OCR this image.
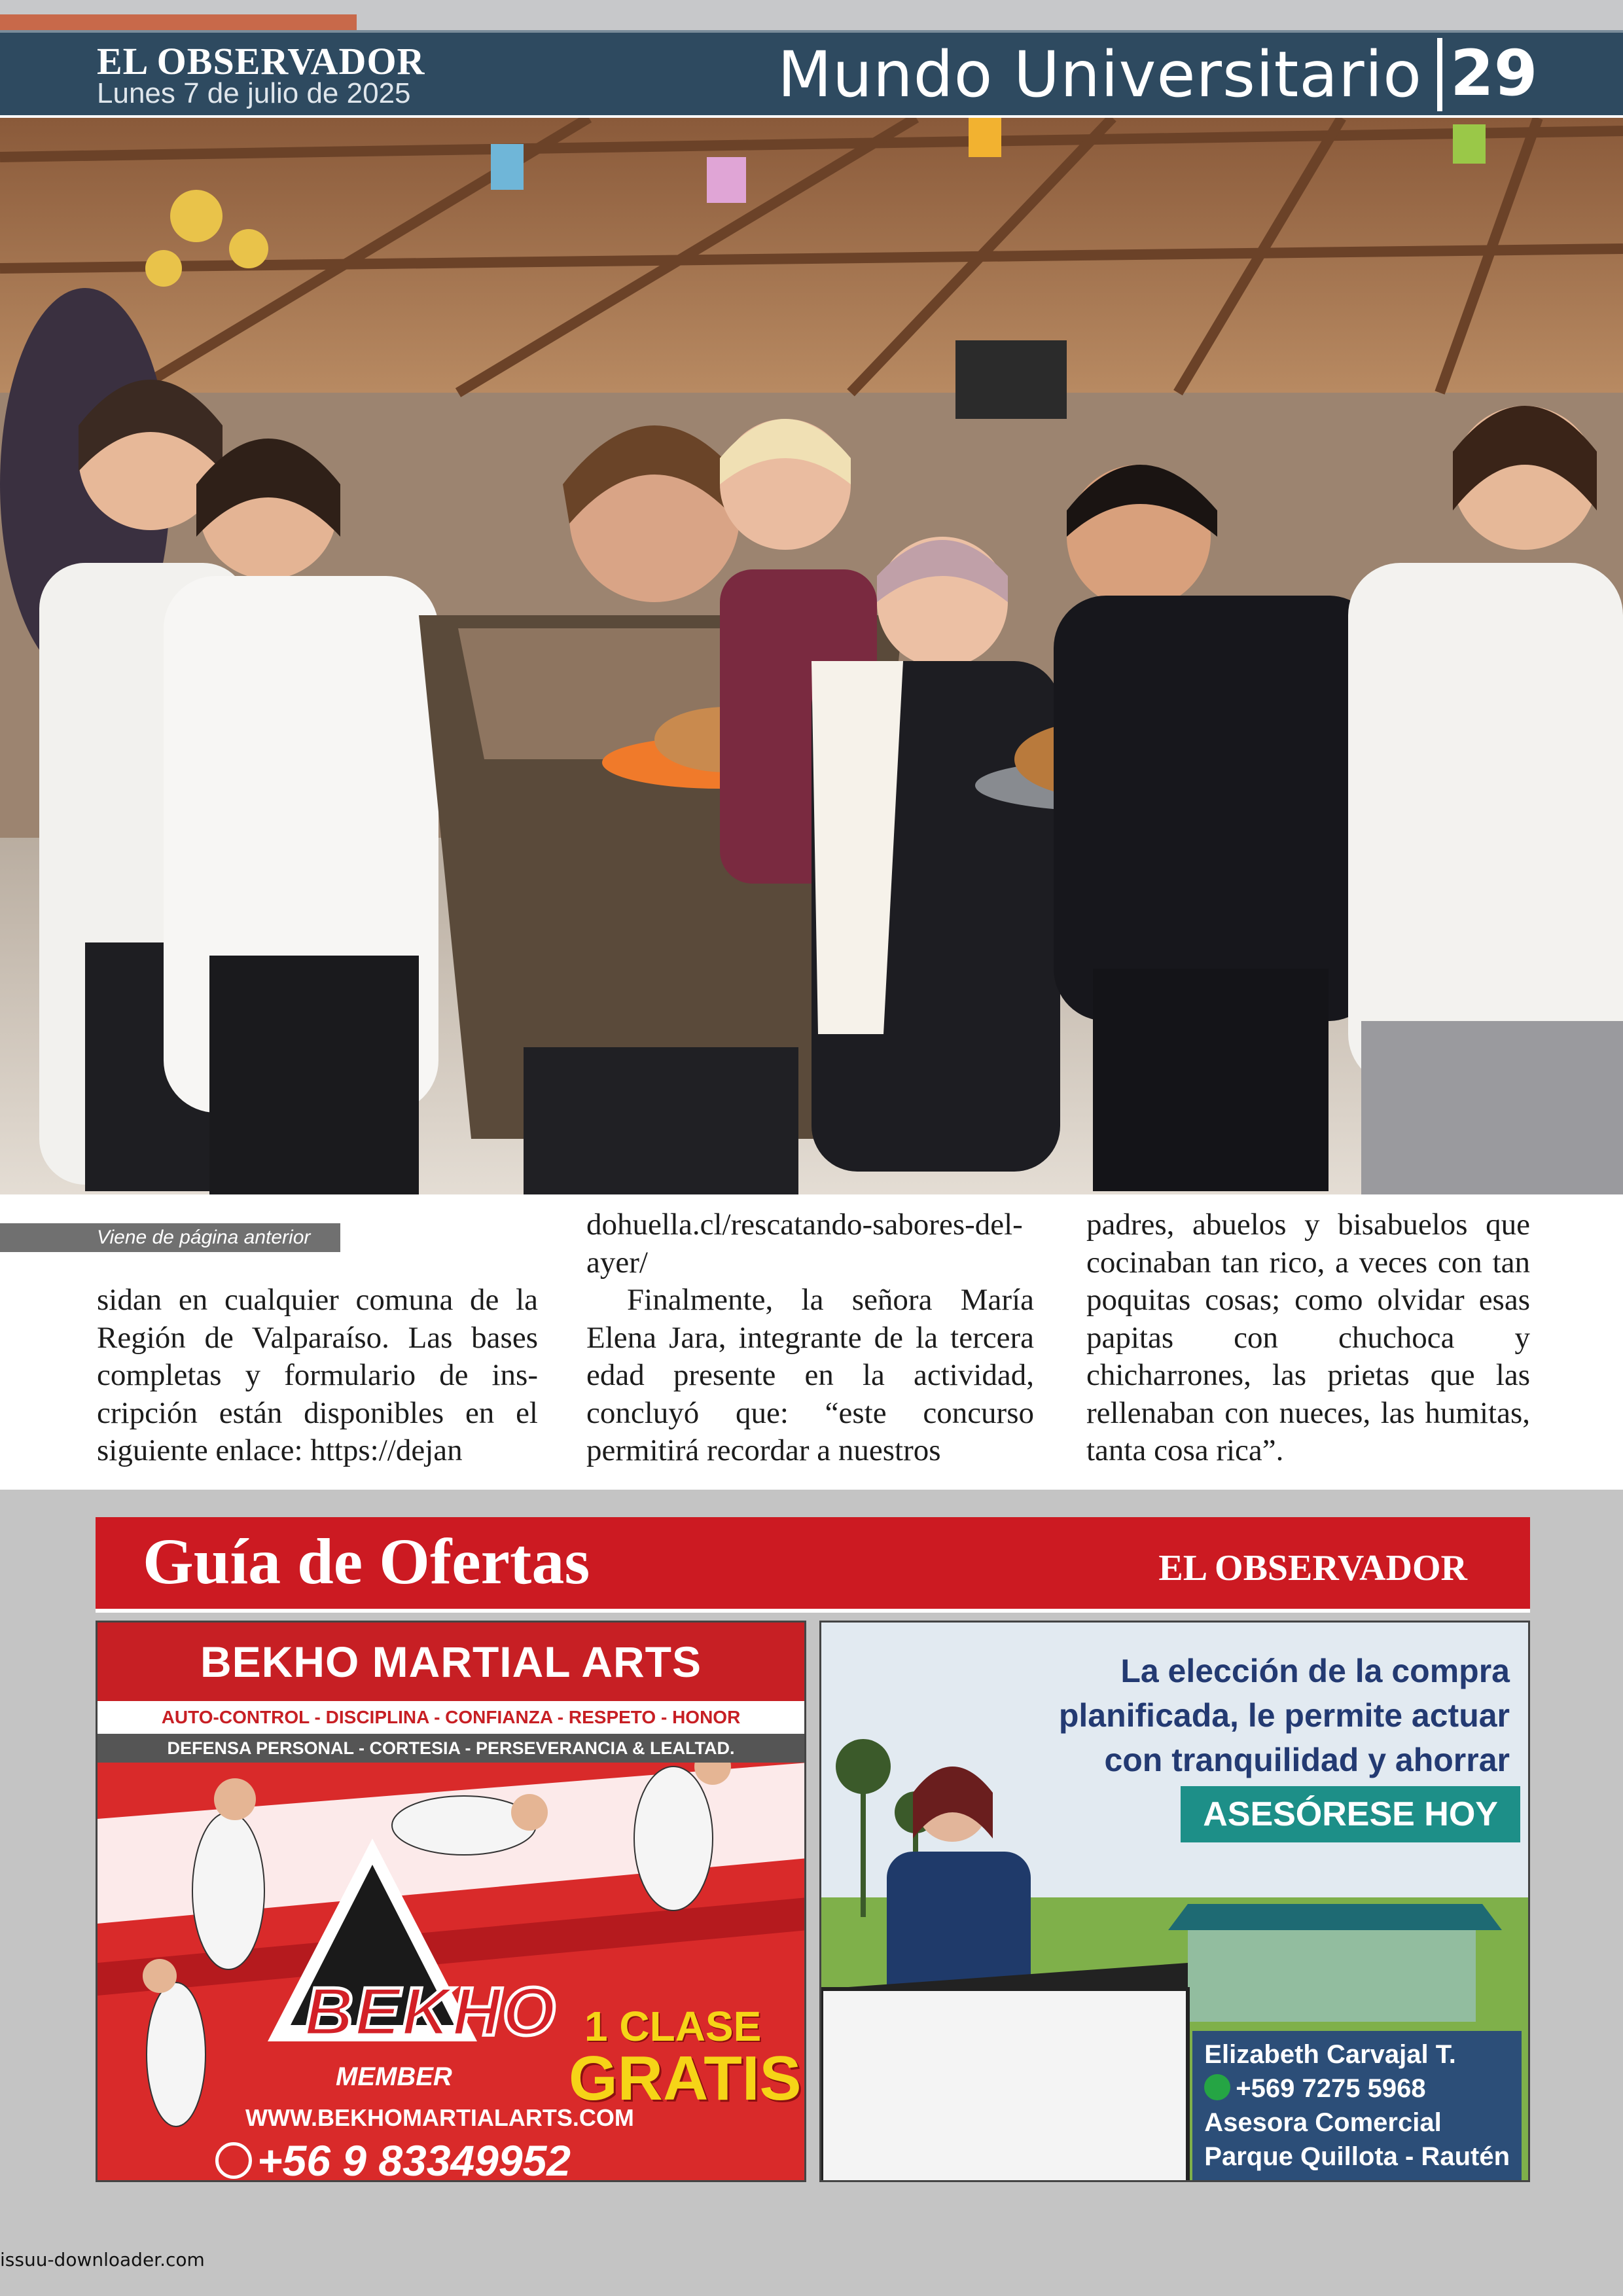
EL OBSERVADOR
Lunes 7 de julio de 2025	Mundo Universitario 29
Viene de página anterior

sidan en cualquier comuna de la Región de Valparaíso. Las bases completas y formulario de inscripción están disponibles en el siguiente enlace: https://dejan

dohuella.cl/rescatando-sabores-del-ayer/

Finalmente, la señora María Elena Jara, integrante de la tercera edad presente en la actividad, concluyó que: “este concurso permitirá recordar a nuestros

padres, abuelos y bisabuelos que cocinaban tan rico, a veces con tan poquitas cosas; como olvidar esas papitas con chuchoca y chicharrones, las prietas que las rellenaban con nueces, las humitas, tanta cosa rica”.

Guía de Ofertas	EL OBSERVADOR
BEKHO MARTIAL ARTS
AUTO-CONTROL - DISCIPLINA - CONFIANZA - RESPETO - HONOR
DEFENSA PERSONAL - CORTESIA - PERSEVERANCIA & LEALTAD.
BEKHO
MEMBER
1 CLASE
GRATIS
WWW.BEKHOMARTIALARTS.COM
+56 9 83349952
La elección de la compra planificada, le permite actuar con tranquilidad y ahorrar
ASESÓRESE HOY
Elizabeth Carvajal T.
+569 7275 5968
Asesora Comercial
Parque Quillota - Rautén
issuu-downloader.com
